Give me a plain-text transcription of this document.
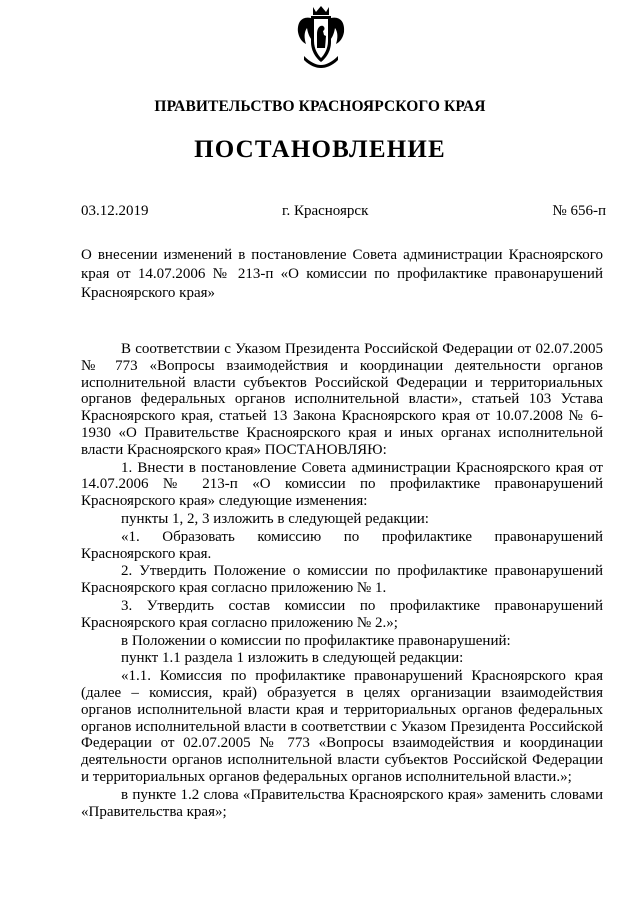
ПРАВИТЕЛЬСТВО КРАСНОЯРСКОГО КРАЯ
ПОСТАНОВЛЕНИЕ
03.12.2019	г. Красноярск	№ 656-п
О внесении изменений в постановление Совета администрации Красноярского края от 14.07.2006 № 213-п «О комиссии по профилактике правонарушений Красноярского края»

В соответствии с Указом Президента Российской Федерации от 02.07.2005 № 773 «Вопросы взаимодействия и координации деятельности органов исполнительной власти субъектов Российской Федерации и территориальных органов федеральных органов исполнительной власти», статьей 103 Устава Красноярского края, статьей 13 Закона Красноярского края от 10.07.2008 № 6-1930 «О Правительстве Красноярского края и иных органах исполнительной власти Красноярского края» ПОСТАНОВЛЯЮ:

1. Внести в постановление Совета администрации Красноярского края от 14.07.2006 № 213-п «О комиссии по профилактике правонарушений Красноярского края» следующие изменения:

пункты 1, 2, 3 изложить в следующей редакции:

«1. Образовать комиссию по профилактике правонарушений Красноярского края.

2. Утвердить Положение о комиссии по профилактике правонарушений Красноярского края согласно приложению № 1.

3. Утвердить состав комиссии по профилактике правонарушений Красноярского края согласно приложению № 2.»;

в Положении о комиссии по профилактике правонарушений:

пункт 1.1 раздела 1 изложить в следующей редакции:

«1.1. Комиссия по профилактике правонарушений Красноярского края (далее – комиссия, край) образуется в целях организации взаимодействия органов исполнительной власти края и территориальных органов федеральных органов исполнительной власти в соответствии с Указом Президента Российской Федерации от 02.07.2005 № 773 «Вопросы взаимодействия и координации деятельности органов исполнительной власти субъектов Российской Федерации и территориальных органов федеральных органов исполнительной власти.»;

в пункте 1.2 слова «Правительства Красноярского края» заменить словами «Правительства края»;
